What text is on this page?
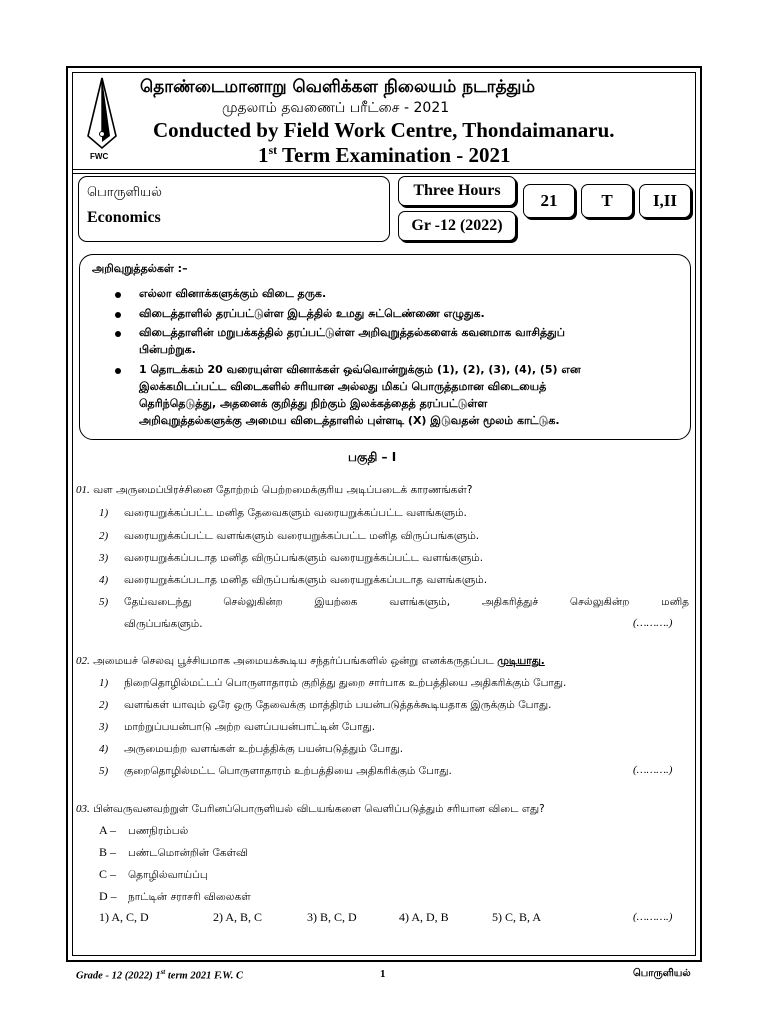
FWC
தொண்டைமானாறு வெளிக்கள நிலையம் நடாத்தும்
முதலாம் தவணைப் பரீட்சை - 2021
Conducted by Field Work Centre, Thondaimanaru.
1st Term Examination - 2021
பொருளியல்
Economics
Three Hours
Gr -12 (2022)
21	T	I,II
அறிவுறுத்தல்கள் :–
எல்லா வினாக்களுக்கும் விடை தருக.
விடைத்தாளில் தரப்பட்டுள்ள இடத்தில் உமது சுட்டெண்ணை எழுதுக.
விடைத்தாளின் மறுபக்கத்தில் தரப்பட்டுள்ள அறிவுறுத்தல்களைக் கவனமாக வாசித்துப்
பின்பற்றுக.
1 தொடக்கம் 20 வரையுள்ள வினாக்கள் ஒவ்வொன்றுக்கும் (1), (2), (3), (4), (5) என
இலக்கமிடப்பட்ட விடைகளில் சரியான அல்லது மிகப் பொருத்தமான விடையைத்
தெரிந்தெடுத்து, அதனைக் குறித்து நிற்கும் இலக்கத்தைத் தரப்பட்டுள்ள
அறிவுறுத்தல்களுக்கு அமைய விடைத்தாளில் புள்ளடி (X) இடுவதன் மூலம் காட்டுக.
பகுதி – I
01. வள அருமைப்பிரச்சினை தோற்றம் பெற்றமைக்குரிய அடிப்படைக் காரணங்கள்?
1) வரையறுக்கப்பட்ட மனித தேவைகளும் வரையறுக்கப்பட்ட வளங்களும்.
2) வரையறுக்கப்பட்ட வளங்களும் வரையறுக்கப்பட்ட மனித விருப்பங்களும்.
3) வரையறுக்கப்படாத மனித விருப்பங்களும் வரையறுக்கப்பட்ட வளங்களும்.
4) வரையறுக்கப்படாத மனித விருப்பங்களும் வரையறுக்கப்படாத வளங்களும்.
5) தேய்வடைந்து செல்லுகின்ற இயற்கை வளங்களும், அதிகரித்துச் செல்லுகின்ற மனித
விருப்பங்களும்.	(……….)
02. அமையச் செலவு பூச்சியமாக அமையக்கூடிய சந்தர்ப்பங்களில் ஒன்று எனக்கருதப்பட முடியாது.
1) நிறைதொழில்மட்டப் பொருளாதாரம் குறித்து துறை சார்பாக உற்பத்தியை அதிகரிக்கும் போது.
2) வளங்கள் யாவும் ஒரே ஒரு தேவைக்கு மாத்திரம் பயன்படுத்தக்கூடியதாக இருக்கும் போது.
3) மாற்றுப்பயன்பாடு அற்ற வளப்பயன்பாட்டின் போது.
4) அருமையற்ற வளங்கள் உற்பத்திக்கு பயன்படுத்தும் போது.
5) குறைதொழில்மட்ட பொருளாதாரம் உற்பத்தியை அதிகரிக்கும் போது.	(……….)
03. பின்வருவனவற்றுள் பேரினப்பொருளியல் விடயங்களை வெளிப்படுத்தும் சரியான விடை எது?
A – பணநிரம்பல்
B – பண்டமொன்றின் கேள்வி
C – தொழில்வாய்ப்பு
D – நாட்டின் சராசரி விலைகள்
1) A, C, D	2) A, B, C	3) B, C, D	4) A, D, B	5) C, B, A	(……….)
Grade - 12 (2022) 1st term 2021 F.W. C	1	பொருளியல்
